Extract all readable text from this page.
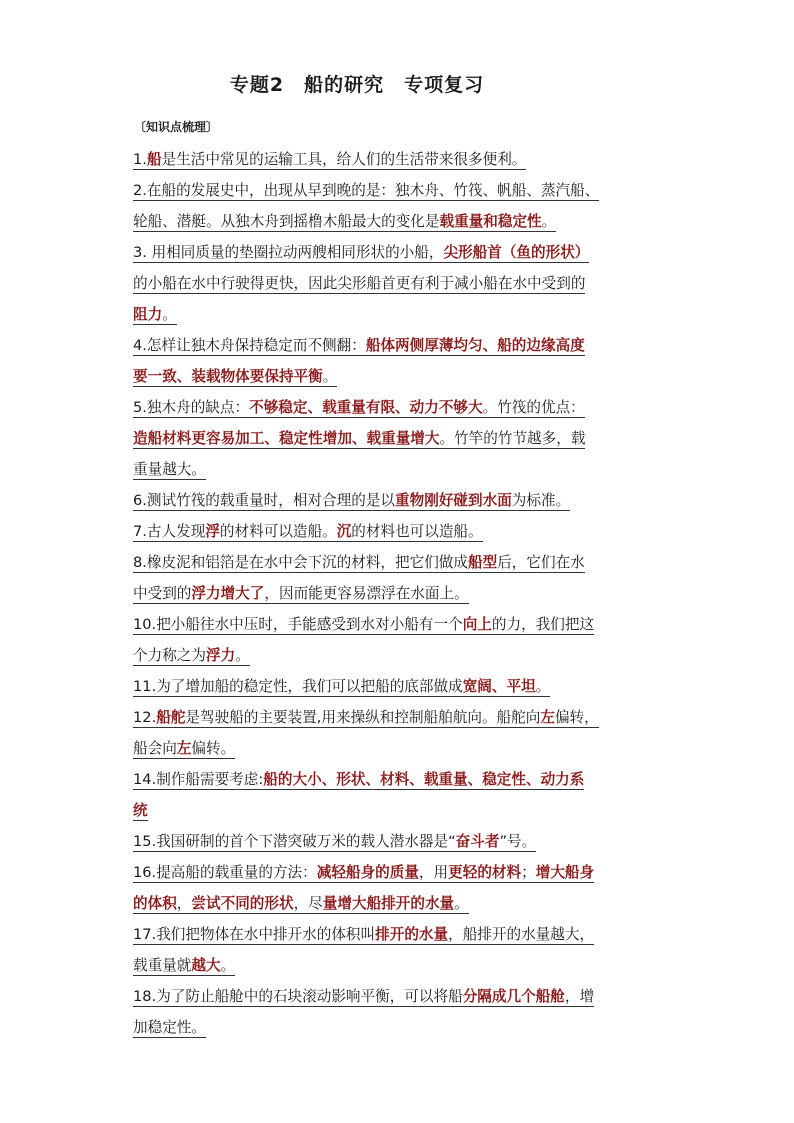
专题2　船的研究　专项复习
〔知识点梳理〕
1.船是生活中常见的运输工具，给人们的生活带来很多便利。
2.在船的发展史中，出现从早到晚的是：独木舟、竹筏、帆船、蒸汽船、
轮船、潜艇。从独木舟到摇橹木船最大的变化是载重量和稳定性。
3. 用相同质量的垫圈拉动两艘相同形状的小船，尖形船首（鱼的形状）
的小船在水中行驶得更快，因此尖形船首更有利于减小船在水中受到的
阻力。
4.怎样让独木舟保持稳定而不侧翻：船体两侧厚薄均匀、船的边缘高度
要一致、装载物体要保持平衡。
5.独木舟的缺点：不够稳定、载重量有限、动力不够大。竹筏的优点：
造船材料更容易加工、稳定性增加、载重量增大。竹竿的竹节越多，载
重量越大。
6.测试竹筏的载重量时，相对合理的是以重物刚好碰到水面为标准。
7.古人发现浮的材料可以造船。沉的材料也可以造船。
8.橡皮泥和铝箔是在水中会下沉的材料，把它们做成船型后，它们在水
中受到的浮力增大了，因而能更容易漂浮在水面上。
10.把小船往水中压时，手能感受到水对小船有一个向上的力，我们把这
个力称之为浮力。
11.为了增加船的稳定性，我们可以把船的底部做成宽阔、平坦。
12.船舵是驾驶船的主要装置,用来操纵和控制船舶航向。船舵向左偏转，
船会向左偏转。
14.制作船需要考虑:船的大小、形状、材料、载重量、稳定性、动力系
统
15.我国研制的首个下潜突破万米的载人潜水器是“奋斗者”号。
16.提高船的载重量的方法：减轻船身的质量，用更轻的材料；增大船身
的体积，尝试不同的形状，尽量增大船排开的水量。
17.我们把物体在水中排开水的体积叫排开的水量，船排开的水量越大，
载重量就越大。
18.为了防止船舱中的石块滚动影响平衡，可以将船分隔成几个船舱，增
加稳定性。
